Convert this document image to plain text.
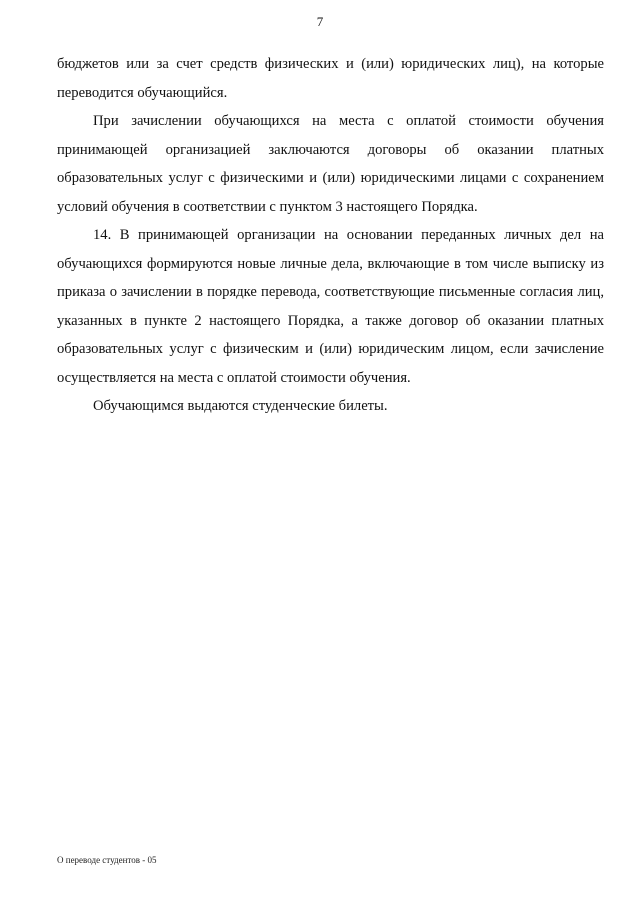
7

бюджетов или за счет средств физических и (или) юридических лиц), на которые переводится обучающийся.

При зачислении обучающихся на места с оплатой стоимости обучения принимающей организацией заключаются договоры об оказании платных образовательных услуг с физическими и (или) юридическими лицами с сохранением условий обучения в соответствии с пунктом 3 настоящего Порядка.

14. В принимающей организации на основании переданных личных дел на обучающихся формируются новые личные дела, включающие в том числе выписку из приказа о зачислении в порядке перевода, соответствующие письменные согласия лиц, указанных в пункте 2 настоящего Порядка, а также договор об оказании платных образовательных услуг с физическим и (или) юридическим лицом, если зачисление осуществляется на места с оплатой стоимости обучения.

Обучающимся выдаются студенческие билеты.

О переводе студентов - 05
